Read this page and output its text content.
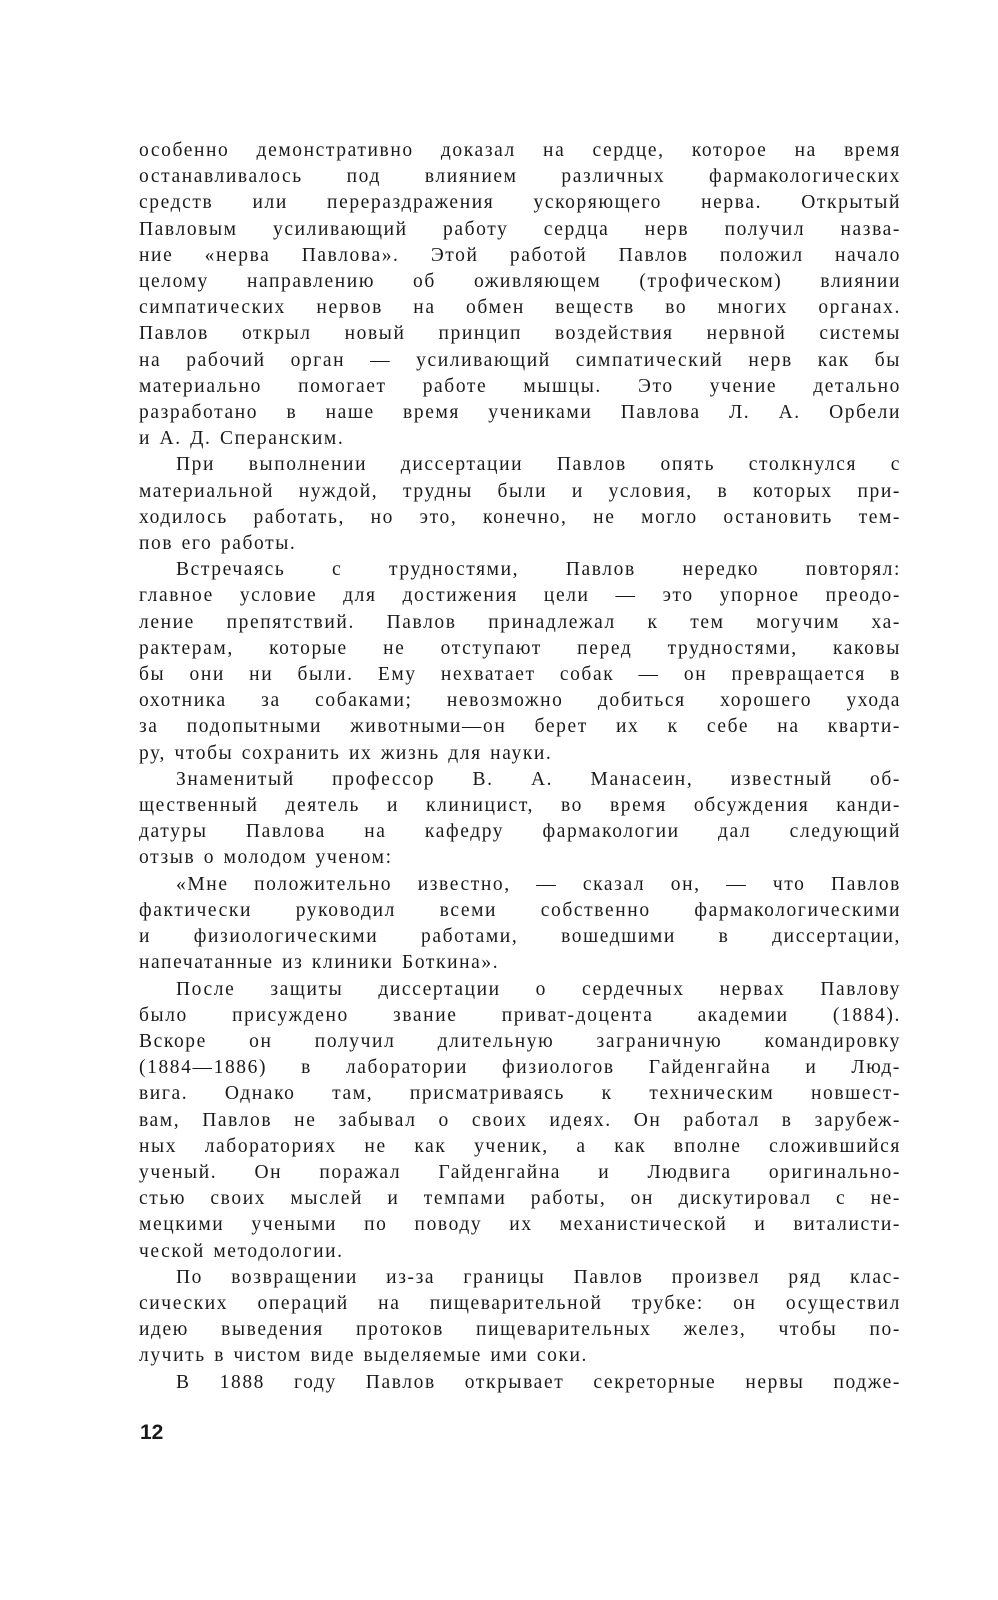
особенно демонстративно доказал на сердце, которое на время
останавливалось под влиянием различных фармакологических
средств или перераздражения ускоряющего нерва. Открытый
Павловым усиливающий работу сердца нерв получил назва-
ние «нерва Павлова». Этой работой Павлов положил начало
целому направлению об оживляющем (трофическом) влиянии
симпатических нервов на обмен веществ во многих органах.
Павлов открыл новый принцип воздействия нервной системы
на рабочий орган — усиливающий симпатический нерв как бы
материально помогает работе мышцы. Это учение детально
разработано в наше время учениками Павлова Л. А. Орбели
и А. Д. Сперанским.
При выполнении диссертации Павлов опять столкнулся с
материальной нуждой, трудны были и условия, в которых при-
ходилось работать, но это, конечно, не могло остановить тем-
пов его работы.
Встречаясь с трудностями, Павлов нередко повторял:
главное условие для достижения цели — это упорное преодо-
ление препятствий. Павлов принадлежал к тем могучим ха-
рактерам, которые не отступают перед трудностями, каковы
бы они ни были. Ему нехватает собак — он превращается в
охотника за собаками; невозможно добиться хорошего ухода
за подопытными животными—он берет их к себе на кварти-
ру, чтобы сохранить их жизнь для науки.
Знаменитый профессор В. А. Манасеин, известный об-
щественный деятель и клиницист, во время обсуждения канди-
датуры Павлова на кафедру фармакологии дал следующий
отзыв о молодом ученом:
«Мне положительно известно, — сказал он, — что Павлов
фактически руководил всеми собственно фармакологическими
и физиологическими работами, вошедшими в диссертации,
напечатанные из клиники Боткина».
После защиты диссертации о сердечных нервах Павлову
было присуждено звание приват-доцента академии (1884).
Вскоре он получил длительную заграничную командировку
(1884—1886) в лаборатории физиологов Гайденгайна и Люд-
вига. Однако там, присматриваясь к техническим новшест-
вам, Павлов не забывал о своих идеях. Он работал в зарубеж-
ных лабораториях не как ученик, а как вполне сложившийся
ученый. Он поражал Гайденгайна и Людвига оригинально-
стью своих мыслей и темпами работы, он дискутировал с не-
мецкими учеными по поводу их механистической и виталисти-
ческой методологии.
По возвращении из-за границы Павлов произвел ряд клас-
сических операций на пищеварительной трубке: он осуществил
идею выведения протоков пищеварительных желез, чтобы по-
лучить в чистом виде выделяемые ими соки.
В 1888 году Павлов открывает секреторные нервы подже-
12
